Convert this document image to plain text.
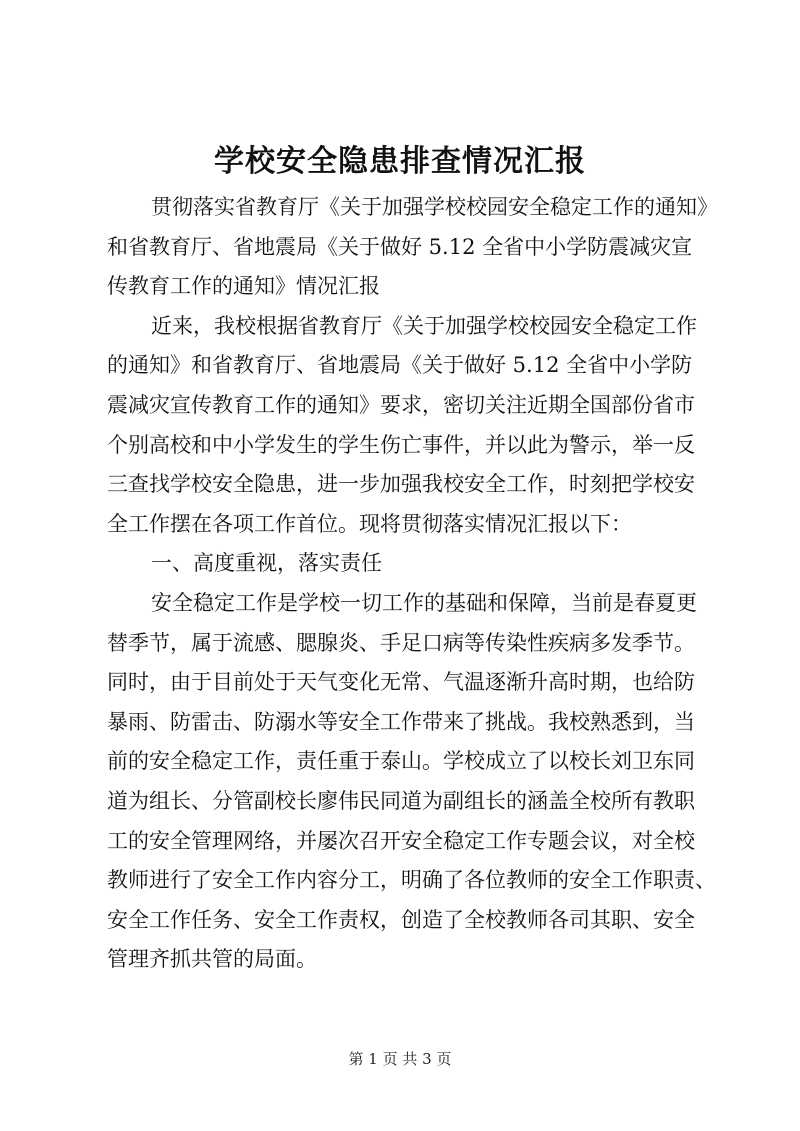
学校安全隐患排查情况汇报
贯彻落实省教育厅《关于加强学校校园安全稳定工作的通知》
和省教育厅、省地震局《关于做好 5.12 全省中小学防震减灾宣
传教育工作的通知》情况汇报
近来，我校根据省教育厅《关于加强学校校园安全稳定工作
的通知》和省教育厅、省地震局《关于做好 5.12 全省中小学防
震减灾宣传教育工作的通知》要求，密切关注近期全国部份省市
个别高校和中小学发生的学生伤亡事件，并以此为警示，举一反
三查找学校安全隐患，进一步加强我校安全工作，时刻把学校安
全工作摆在各项工作首位。现将贯彻落实情况汇报以下：
一、高度重视，落实责任
安全稳定工作是学校一切工作的基础和保障，当前是春夏更
替季节，属于流感、腮腺炎、手足口病等传染性疾病多发季节。
同时，由于目前处于天气变化无常、气温逐渐升高时期，也给防
暴雨、防雷击、防溺水等安全工作带来了挑战。我校熟悉到，当
前的安全稳定工作，责任重于泰山。学校成立了以校长刘卫东同
道为组长、分管副校长廖伟民同道为副组长的涵盖全校所有教职
工的安全管理网络，并屡次召开安全稳定工作专题会议，对全校
教师进行了安全工作内容分工，明确了各位教师的安全工作职责、
安全工作任务、安全工作责权，创造了全校教师各司其职、安全
管理齐抓共管的局面。
第 1 页 共 3 页
